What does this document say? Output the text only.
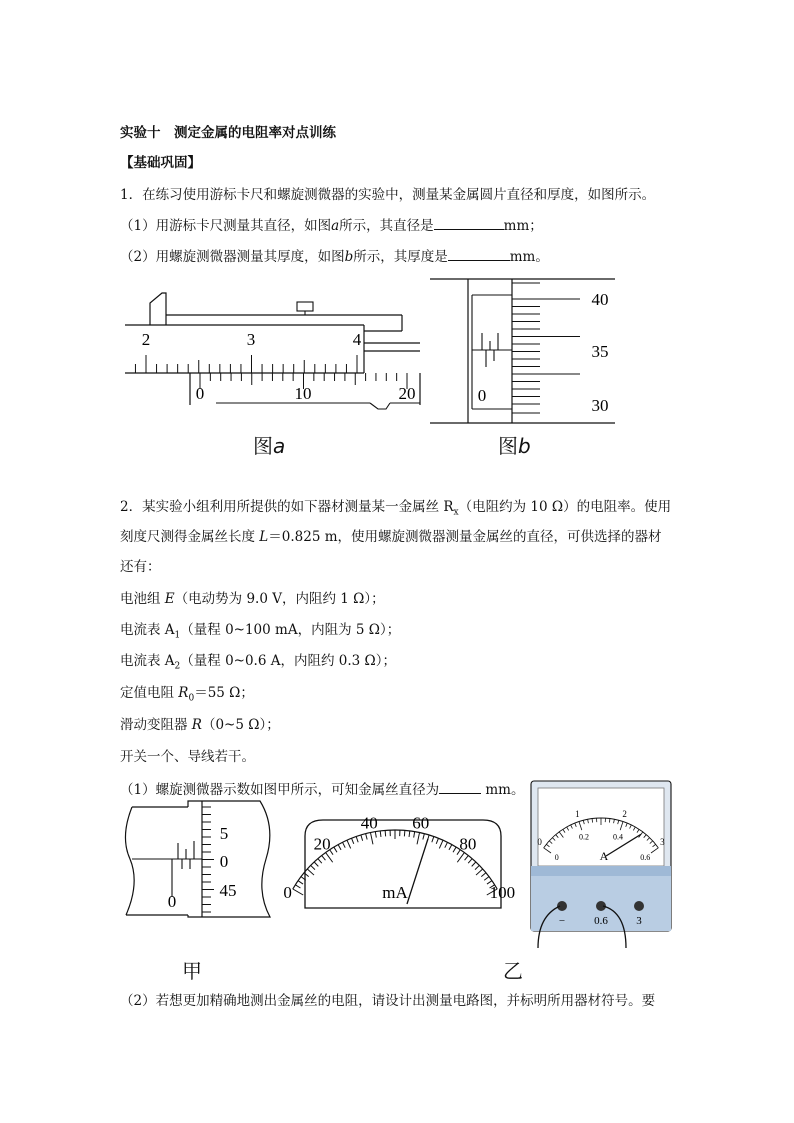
实验十　测定金属的电阻率对点训练
【基础巩固】
1．在练习使用游标卡尺和螺旋测微器的实验中，测量某金属圆片直径和厚度，如图所示。
（1）用游标卡尺测量其直径，如图a所示，其直径是	mm；
（2）用螺旋测微器测量其厚度，如图b所示，其厚度是	mm。
2	3	4
0	10	20
图a
0
40
35
30
图b
2．某实验小组利用所提供的如下器材测量某一金属丝 $R_x$（电阻约为 10 Ω）的电阻率。使用
刻度尺测得金属丝长度 L＝0.825 m，使用螺旋测微器测量金属丝的直径，可供选择的器材
还有：
电池组 E（电动势为 9.0 V，内阻约 1 Ω）；
电流表 $A_1$（量程 0~100 mA，内阻为 5 Ω）；
电流表 $A_2$（量程 0~0.6 A，内阻约 0.3 Ω）；
定值电阻 $R_0=55$ Ω；
滑动变阻器 R（0~5 Ω）；
开关一个、导线若干。
（1）螺旋测微器示数如图甲所示，可知金属丝直径为	mm。
0
5
0
45
甲
0
20
40 60
80
100
mA
0
1	2
3
0
0.2	0.4
0.6
A
−	0.6	3
乙
（2）若想更加精确地测出金属丝的电阻，请设计出测量电路图，并标明所用器材符号。要
